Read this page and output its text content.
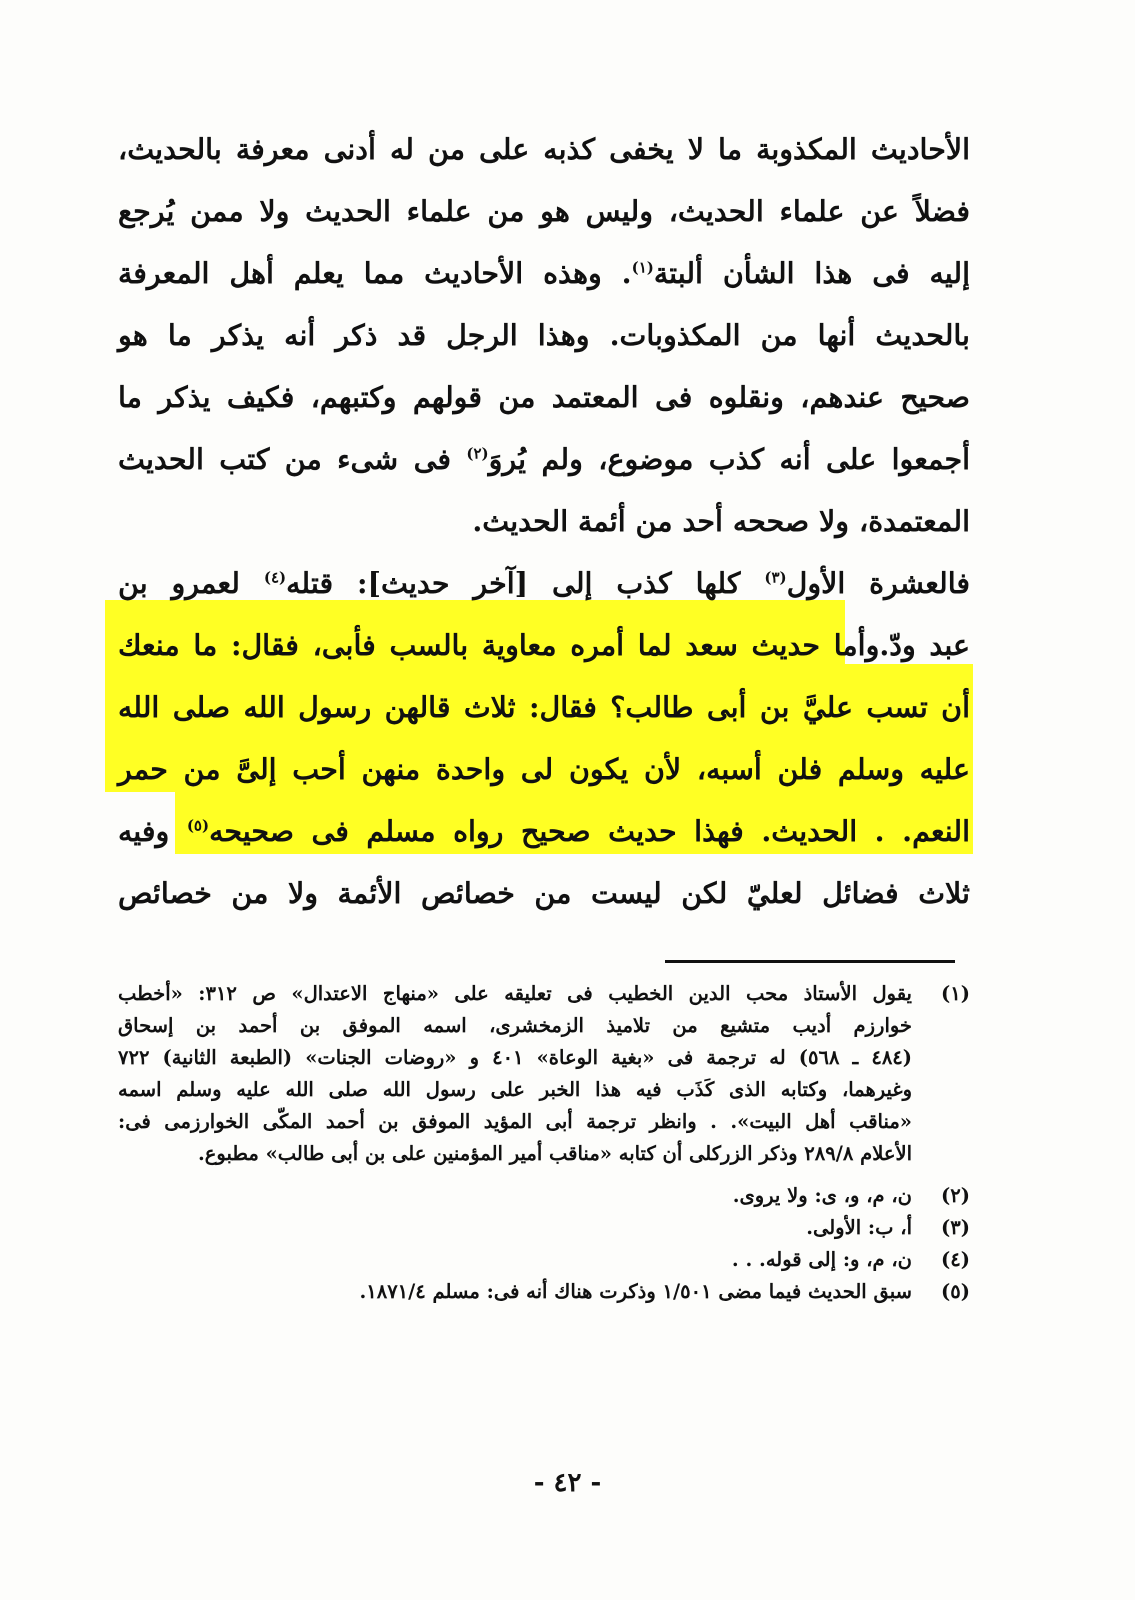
الأحاديث المكذوبة ما لا يخفى كذبه على من له أدنى معرفة بالحديث،
فضلاً عن علماء الحديث، وليس هو من علماء الحديث ولا ممن يُرجع
إليه فى هذا الشأن ألبتة$^{(١)}$. وهذه الأحاديث مما يعلم أهل المعرفة
بالحديث أنها من المكذوبات. وهذا الرجل قد ذكر أنه يذكر ما هو
صحيح عندهم، ونقلوه فى المعتمد من قولهم وكتبهم، فكيف يذكر ما
أجمعوا على أنه كذب موضوع، ولم يُروَ$^{(٢)}$ فى شىء من كتب الحديث
المعتمدة، ولا صححه أحد من أئمة الحديث.
فالعشرة الأول$^{(٣)}$ كلها كذب إلى [آخر حديث]: قتله$^{(٤)}$ لعمرو بن
عبد ودّ.وأما حديث سعد لما أمره معاوية بالسب فأبى، فقال: ما منعك
أن تسب عليَّ بن أبى طالب؟ فقال: ثلاث قالهن رسول الله صلى الله
عليه وسلم فلن أسبه، لأن يكون لى واحدة منهن أحب إلىَّ من حمر
النعم. . الحديث. فهذا حديث صحيح رواه مسلم فى صحيحه$^{(٥)}$ وفيه
ثلاث فضائل لعليّ لكن ليست من خصائص الأئمة ولا من خصائص
(١)
يقول الأستاذ محب الدين الخطيب فى تعليقه على «منهاج الاعتدال» ص ٣١٢: «أخطب
خوارزم أديب متشيع من تلاميذ الزمخشرى، اسمه الموفق بن أحمد بن إسحاق
(٤٨٤ ـ ٥٦٨) له ترجمة فى «بغية الوعاة» ٤٠١ و «روضات الجنات» (الطبعة الثانية) ٧٢٢
وغيرهما، وكتابه الذى كَذَب فيه هذا الخبر على رسول الله صلى الله عليه وسلم اسمه
«مناقب أهل البيت». . وانظر ترجمة أبى المؤيد الموفق بن أحمد المكّى الخوارزمى فى:
الأعلام ٢٨٩/٨ وذكر الزركلى أن كتابه «مناقب أمير المؤمنين على بن أبى طالب» مطبوع.
(٢)
ن، م، و، ى: ولا يروى.
(٣)
أ، ب: الأولى.
(٤)
ن، م، و: إلى قوله. . .
(٥)
سبق الحديث فيما مضى ١/٥٠١ وذكرت هناك أنه فى: مسلم ١٨٧١/٤.
- ٤٢ -
